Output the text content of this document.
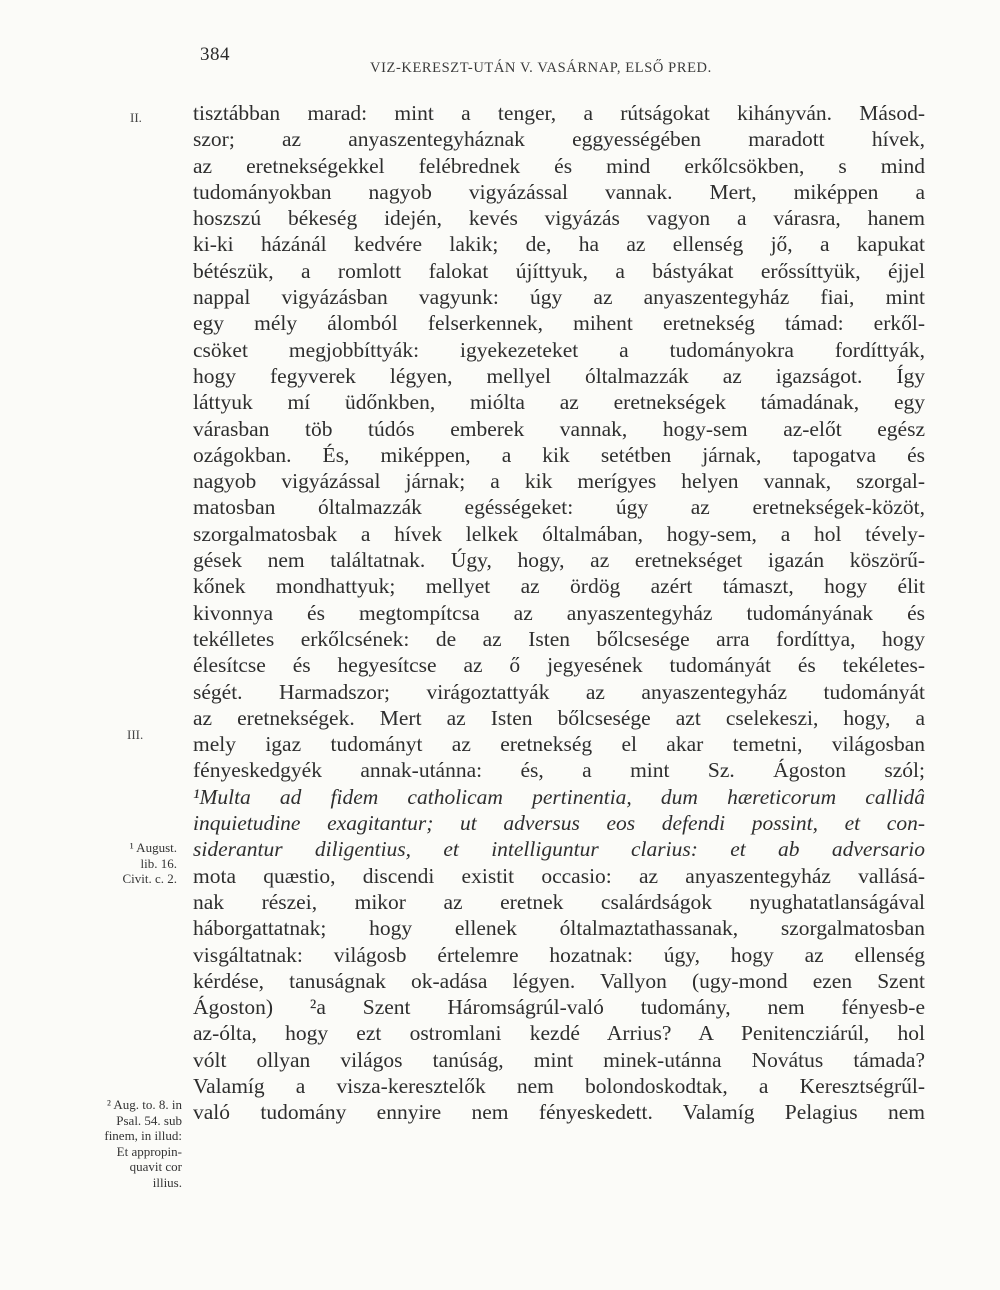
384
VIZ-KERESZT-UTÁN V. VASÁRNAP, ELSŐ PRED.
II.
III.
¹ August.
lib. 16.
Civit. c. 2.
² Aug. to. 8. in
Psal. 54. sub
finem, in illud:
Et appropin-
quavit cor
illius.
tisztábban marad: mint a tenger, a rútságokat kihányván. Másod-
szor; az anyaszentegyháznak eggyességében maradott hívek,
az eretnekségekkel felébrednek és mind erkőlcsökben, s mind
tudományokban nagyob vigyázással vannak. Mert, miképpen a
hoszszú békeség idején, kevés vigyázás vagyon a várasra, hanem
ki-ki házánál kedvére lakik; de, ha az ellenség jő, a kapukat
bétészük, a romlott falokat újíttyuk, a bástyákat erőssíttyük, éjjel
nappal vigyázásban vagyunk: úgy az anyaszentegyház fiai, mint
egy mély álomból felserkennek, mihent eretnekség támad: erkől-
csöket megjobbíttyák: igyekezeteket a tudományokra fordíttyák,
hogy fegyverek légyen, mellyel óltalmazzák az igazságot. Így
láttyuk mí üdőnkben, miólta az eretnekségek támadának, egy
várasban töb túdós emberek vannak, hogy-sem az-előt egész
ozágokban. És, miképpen, a kik setétben járnak, tapogatva és
nagyob vigyázással járnak; a kik merígyes helyen vannak, szorgal-
matosban óltalmazzák egésségeket: úgy az eretnekségek-közöt,
szorgalmatosbak a hívek lelkek óltalmában, hogy-sem, a hol tévely-
gések nem találtatnak. Úgy, hogy, az eretnekséget igazán köszörű-
kőnek mondhattyuk; mellyet az ördög azért támaszt, hogy élit
kivonnya és megtompítcsa az anyaszentegyház tudományának és
tekélletes erkőlcsének: de az Isten bőlcsesége arra fordíttya, hogy
élesítcse és hegyesítcse az ő jegyesének tudományát és tekéletes-
ségét. Harmadszor; virágoztattyák az anyaszentegyház tudományát
az eretnekségek. Mert az Isten bőlcsesége azt cselekeszi, hogy, a
mely igaz tudományt az eretnekség el akar temetni, világosban
fényeskedgyék annak-utánna: és, a mint Sz. Ágoston szól;
¹Multa ad fidem catholicam pertinentia, dum hæreticorum callidâ
inquietudine exagitantur; ut adversus eos defendi possint, et con-
siderantur diligentius, et intelliguntur clarius: et ab adversario
mota quæstio, discendi existit occasio: az anyaszentegyház vallásá-
nak részei, mikor az eretnek csalárdságok nyughatatlanságával
háborgattatnak; hogy ellenek óltalmaztathassanak, szorgalmatosban
visgáltatnak: világosb értelemre hozatnak: úgy, hogy az ellenség
kérdése, tanuságnak ok-adása légyen. Vallyon (ugy-mond ezen Szent
Ágoston) ²a Szent Háromságrúl-való tudomány, nem fényesb-e
az-ólta, hogy ezt ostromlani kezdé Arrius? A Penitencziárúl, hol
vólt ollyan világos tanúság, mint minek-utánna Novátus támada?
Valamíg a visza-keresztelők nem bolondoskodtak, a Keresztségrűl-
való tudomány ennyire nem fényeskedett. Valamíg Pelagius nem
